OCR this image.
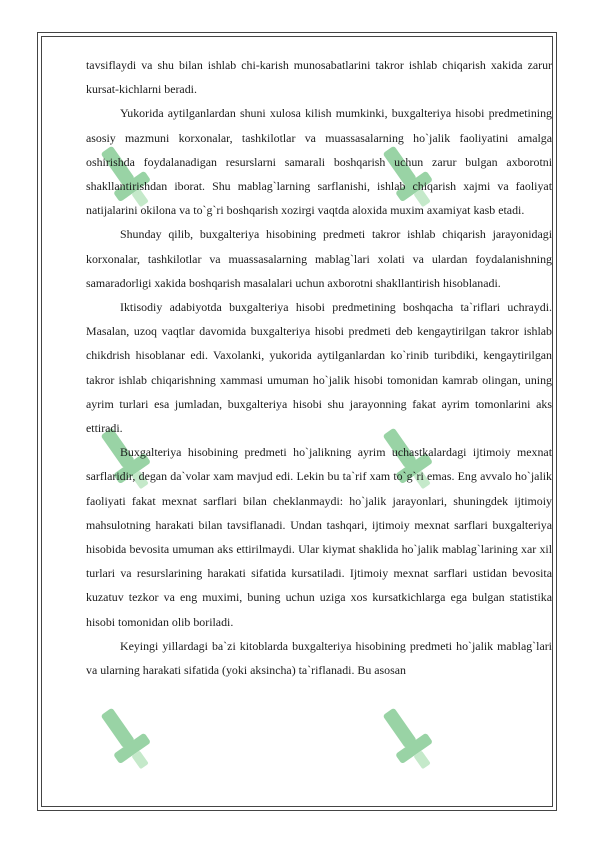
tavsiflaydi va shu bilan ishlab chi-karish munosabatlarini takror ishlab chiqarish xakida zarur kursat-kichlarni beradi.

Yukorida aytilganlardan shuni xulosa kilish mumkinki, buxgalteriya hisobi predmetining asosiy mazmuni korxonalar, tashkilotlar va muassasalarning ho`jalik faoliyatini amalga oshirishda foydalanadigan resurslarni samarali boshqarish uchun zarur bulgan axborotni shakllantirishdan iborat. Shu mablag`larning sarflanishi, ishlab chiqarish xajmi va faoliyat natijalarini okilona va to`g`ri boshqarish xozirgi vaqtda aloxida muxim axamiyat kasb etadi.

Shunday qilib, buxgalteriya hisobining predmeti takror ishlab chiqarish jarayonidagi korxonalar, tashkilotlar va muassasalarning mablag`lari xolati va ulardan foydalanishning samaradorligi xakida boshqarish masalalari uchun axborotni shakllantirish hisoblanadi.

Iktisodiy adabiyotda buxgalteriya hisobi predmetining boshqacha ta`riflari uchraydi. Masalan, uzoq vaqtlar davomida buxgalteriya hisobi predmeti deb kengaytirilgan takror ishlab chikdrish hisoblanar edi. Vaxolanki, yukorida aytilganlardan ko`rinib turibdiki, kengaytirilgan takror ishlab chiqarishning xammasi umuman ho`jalik hisobi tomonidan kamrab olingan, uning ayrim turlari esa jumladan, buxgalteriya hisobi shu jarayonning fakat ayrim tomonlarini aks ettiradi.

Buxgalteriya hisobining predmeti ho`jalikning ayrim uchastkalardagi ijtimoiy mexnat sarflaridir, degan da`volar xam mavjud edi. Lekin bu ta`rif xam to`g`ri emas. Eng avvalo ho`jalik faoliyati fakat mexnat sarflari bilan cheklanmaydi: ho`jalik jarayonlari, shuningdek ijtimoiy mahsulotning harakati bilan tavsiflanadi. Undan tashqari, ijtimoiy mexnat sarflari buxgalteriya hisobida bevosita umuman aks ettirilmaydi. Ular kiymat shaklida ho`jalik mablag`larining xar xil turlari va resurslarining harakati sifatida kursatiladi. Ijtimoiy mexnat sarflari ustidan bevosita kuzatuv tezkor va eng muximi, buning uchun uziga xos kursatkichlarga ega bulgan statistika hisobi tomonidan olib boriladi.

Keyingi yillardagi ba`zi kitoblarda buxgalteriya hisobining predmeti ho`jalik mablag`lari va ularning harakati sifatida (yoki aksincha) ta`riflanadi. Bu asosan
